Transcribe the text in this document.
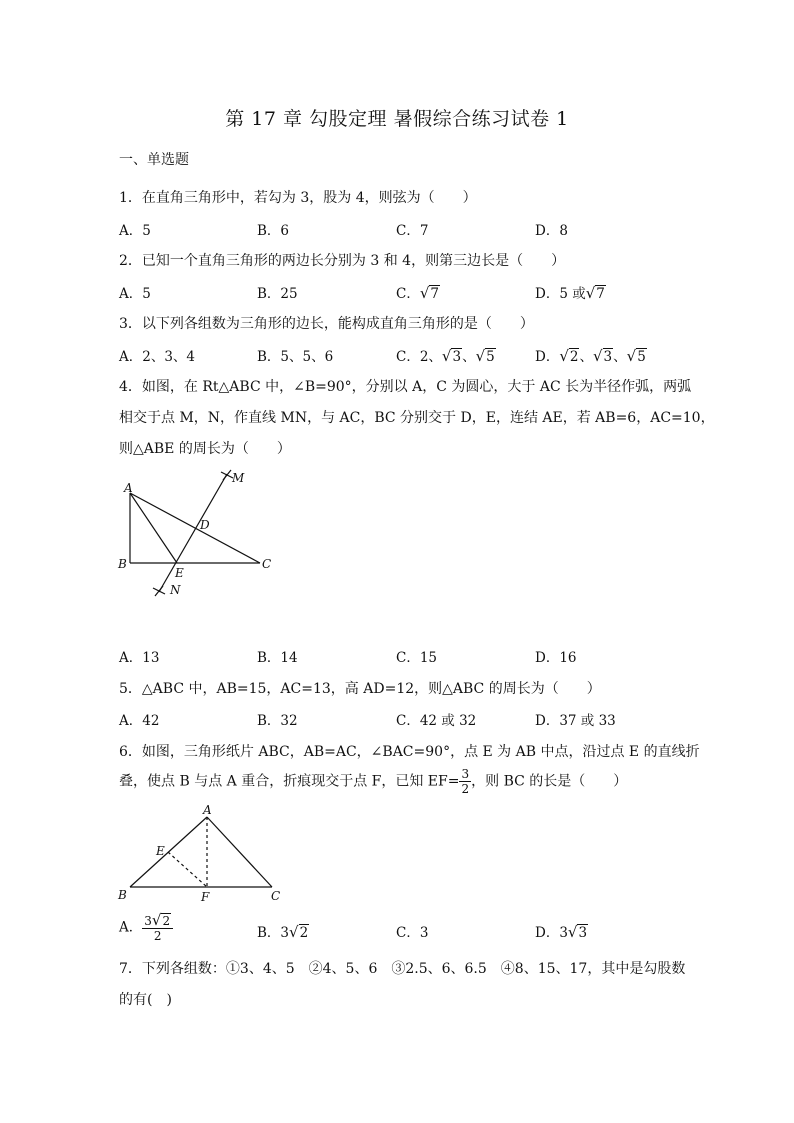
第 17 章 勾股定理 暑假综合练习试卷 1
一、单选题
1．在直角三角形中，若勾为 3，股为 4，则弦为（　　）
A．5	B．6	C．7	D．8
2．已知一个直角三角形的两边长分别为 3 和 4，则第三边长是（　　）
A．5	B．25	C．√7	D．5 或√7
3．以下列各组数为三角形的边长，能构成直角三角形的是（　　）
A．2、3、4	B．5、5、6	C．2、√3、√5	D．√2、√3、√5
4．如图，在 Rt△ABC 中，∠B=90°，分别以 A，C 为圆心，大于 AC 长为半径作弧，两弧
相交于点 M，N，作直线 MN，与 AC，BC 分别交于 D，E，连结 AE，若 AB=6，AC=10，
则△ABE 的周长为（　　）
A
B	C
D
E
M
N
A．13	B．14	C．15	D．16
5．△ABC 中，AB=15，AC=13，高 AD=12，则△ABC 的周长为（　　）
A．42	B．32	C．42 或 32	D．37 或 33
6．如图，三角形纸片 ABC，AB=AC，∠BAC=90°，点 E 为 AB 中点，沿过点 E 的直线折
叠，使点 B 与点 A 重合，折痕现交于点 F，已知 $EF= \frac{3}{2}$ ，则 BC 的长是（　　）
A
B	C
E
F
A． $\frac{3√2}{2}$	B．3√2	C．3	D．3√3
7．下列各组数：①3、4、5　②4、5、6　③2.5、6、6.5　④8、15、17，其中是勾股数
的有(　)
